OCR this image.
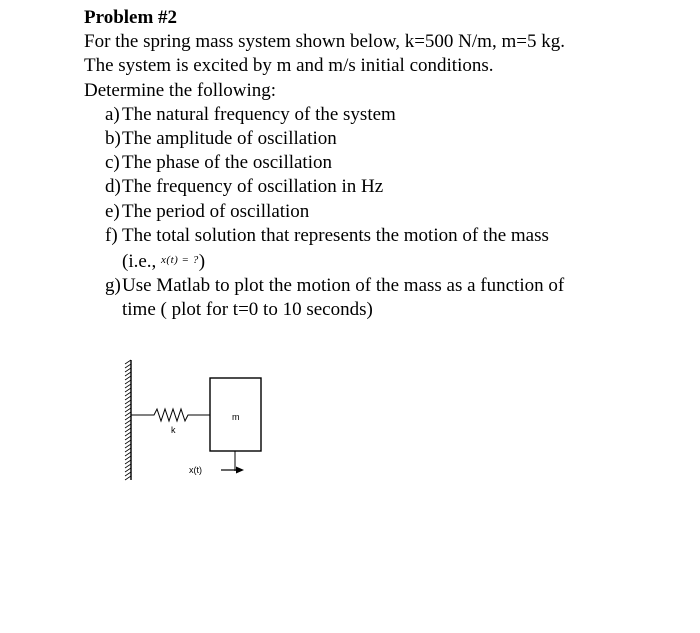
Problem #2
For the spring mass system shown below, k=500 N/m, m=5 kg.
The system is excited by m and m/s initial conditions.
Determine the following:
a) The natural frequency of the system
b) The amplitude of oscillation
c) The phase of the oscillation
d) The frequency of oscillation in Hz
e) The period of oscillation
f) The total solution that represents the motion of the mass
(i.e., $^{x(t) = ?}$)
g) Use Matlab to plot the motion of the mass as a function of
time ( plot for t=0 to 10 seconds)
k
m
x(t)
